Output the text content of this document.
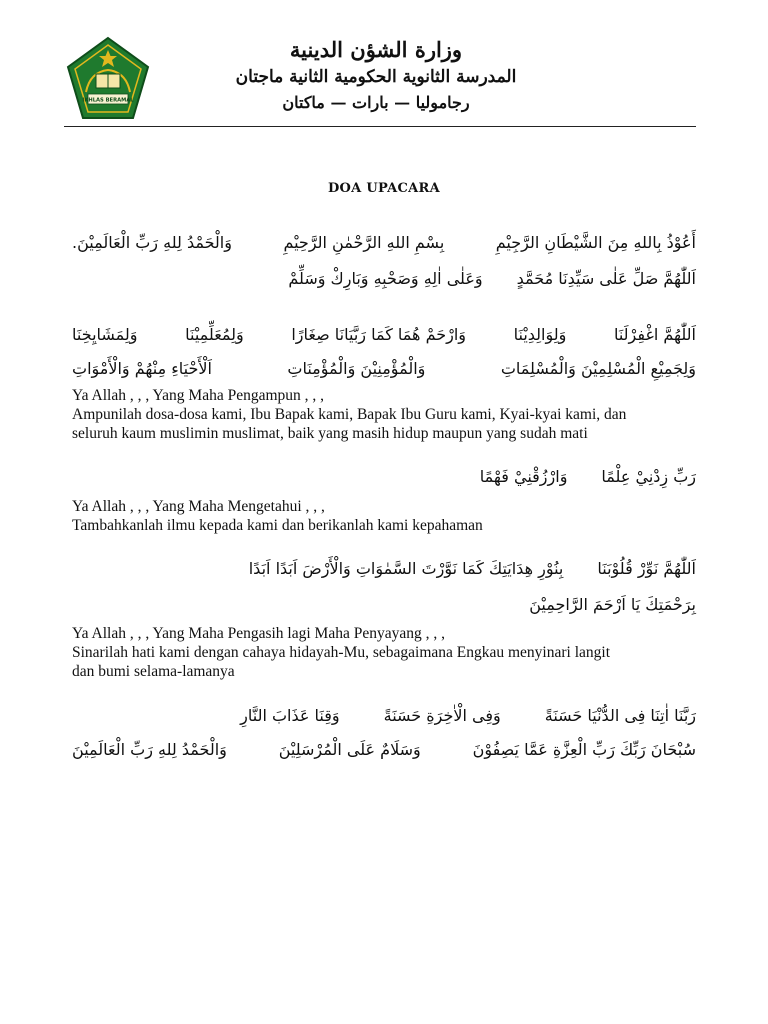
IKHLAS BERAMAL
وزارة الشؤن الدينية
المدرسة الثانوية الحكومية الثانية ماجتان
رجاموليا — بارات — ماكتان
DOA UPACARA
أَعُوْذُ بِاللهِ مِنَ الشَّيْطَانِ الرَّجِيْمِ
بِسْمِ اللهِ الرَّحْمٰنِ الرَّحِيْمِ
وَالْحَمْدُ لِلهِ رَبِّ الْعَالَمِيْنَ.
اَللّٰهُمَّ صَلِّ عَلٰى سَيِّدِنَا مُحَمَّدٍ
وَعَلٰى اٰلِهِ وَصَحْبِهِ وَبَارِكْ وَسَلِّمْ
اَللّٰهُمَّ اغْفِرْلَنَا
وَلِوَالِدِيْنَا
وَارْحَمْ هُمَا كَمَا رَبَّيَانَا صِغَارًا
وَلِمُعَلِّمِيْنَا
وَلِمَشَايِخِنَا
وَلِجَمِيْعِ الْمُسْلِمِيْنَ وَالْمُسْلِمَاتِ
وَالْمُؤْمِنِيْنَ وَالْمُؤْمِنَاتِ
اَلْأَحْيَاءِ مِنْهُمْ وَالْأَمْوَاتِ
Ya Allah , , , Yang Maha Pengampun , , ,
Ampunilah dosa-dosa kami, Ibu Bapak kami, Bapak Ibu Guru kami, Kyai-kyai kami, dan
seluruh kaum muslimin muslimat, baik yang masih hidup maupun yang sudah mati
رَبِّ زِدْنِيْ عِلْمًا
وَارْزُقْنِيْ فَهْمًا
Ya Allah , , , Yang Maha Mengetahui , , ,
Tambahkanlah ilmu kepada kami dan berikanlah kami kepahaman
اَللّٰهُمَّ نَوِّرْ قُلُوْبَنَا
بِنُوْرِ هِدَايَتِكَ كَمَا نَوَّرْتَ السَّمٰوَاتِ وَالْأَرْضَ اَبَدًا اَبَدًا
بِرَحْمَتِكَ يَا اَرْحَمَ الرَّاحِمِيْنَ
Ya Allah , , , Yang Maha Pengasih lagi Maha Penyayang , , ,
Sinarilah hati kami dengan cahaya hidayah-Mu, sebagaimana Engkau menyinari langit
dan bumi selama-lamanya
رَبَّنَا اٰتِنَا فِى الدُّنْيَا حَسَنَةً
وَفِى الْاٰخِرَةِ حَسَنَةً
وَقِنَا عَذَابَ النَّارِ
سُبْحَانَ رَبِّكَ رَبِّ الْعِزَّةِ عَمَّا يَصِفُوْنَ
وَسَلَامٌ عَلَى الْمُرْسَلِيْنَ
وَالْحَمْدُ لِلهِ رَبِّ الْعَالَمِيْنَ
